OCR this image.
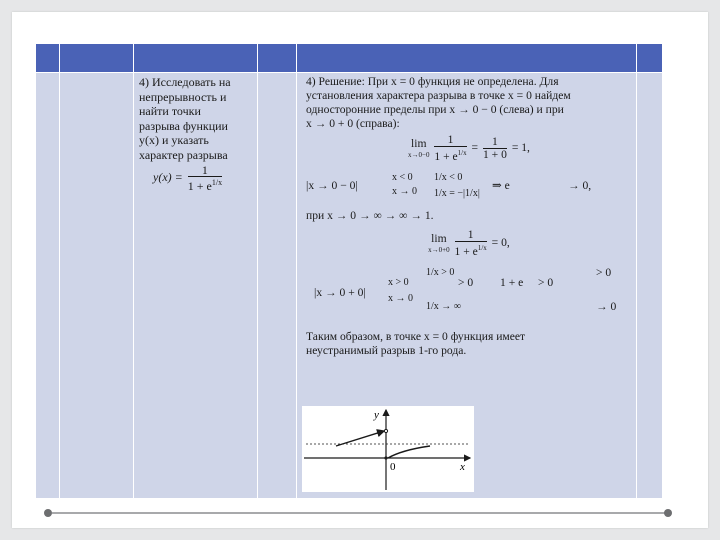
4) Исследовать на
непрерывность и
найти точки
разрыва функции
y(x) и указать
характер разрыва
$y(x) = \frac{1}{1 + e^{1/x}}$
4) Решение: При x = 0 функция не определена. Для
установления характера разрыва в точке x = 0 найдем
односторонние пределы при x → 0 − 0 (слева) и при
x → 0 + 0 (справа):
lim
x→0−0
$\frac{1}{1 + e^{1/x}} = \frac{1}{1 + 0} = 1$,
|x → 0 − 0|
x < 0
x → 0
1/x < 0
1/x = −|1/x|
⇒ e	→ 0,
при x → 0 → ∞ → ∞ → 1.
lim
x→0+0
$\frac{1}{1 + e^{1/x}} = 0$,
|x → 0 + 0|
x > 0
x → 0
1/x > 0
1/x → ∞
> 0 1 + e > 0
> 0
→ 0
Таким образом, в точке x = 0 функция имеет
неустранимый разрыв 1-го рода.
y
x
0
